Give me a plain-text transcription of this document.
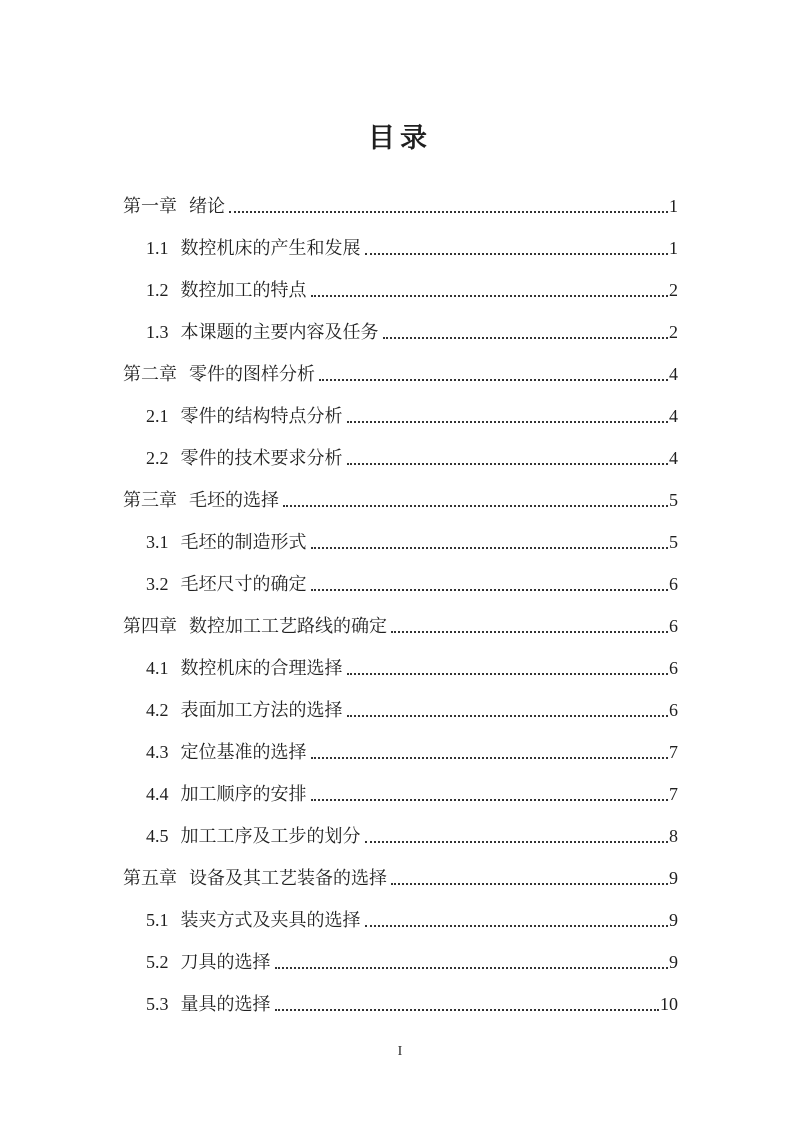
目录
第一章 绪论	1
1.1 数控机床的产生和发展	1
1.2 数控加工的特点	2
1.3 本课题的主要内容及任务	2
第二章 零件的图样分析	4
2.1 零件的结构特点分析	4
2.2 零件的技术要求分析	4
第三章 毛坯的选择	5
3.1 毛坯的制造形式	5
3.2 毛坯尺寸的确定	6
第四章 数控加工工艺路线的确定	6
4.1 数控机床的合理选择	6
4.2 表面加工方法的选择	6
4.3 定位基准的选择	7
4.4 加工顺序的安排	7
4.5 加工工序及工步的划分	8
第五章 设备及其工艺装备的选择	9
5.1 装夹方式及夹具的选择	9
5.2 刀具的选择	9
5.3 量具的选择	10
I
